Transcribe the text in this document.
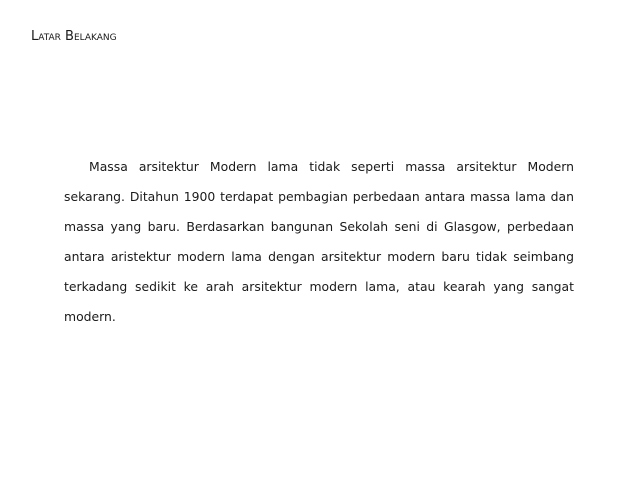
Latar Belakang

Massa arsitektur Modern lama tidak seperti massa arsitektur Modern sekarang. Ditahun 1900 terdapat pembagian perbedaan antara massa lama dan massa yang baru. Berdasarkan bangunan Sekolah seni di Glasgow, perbedaan antara aristektur modern lama dengan arsitektur modern baru tidak seimbang terkadang sedikit ke arah arsitektur modern lama, atau kearah yang sangat modern.
